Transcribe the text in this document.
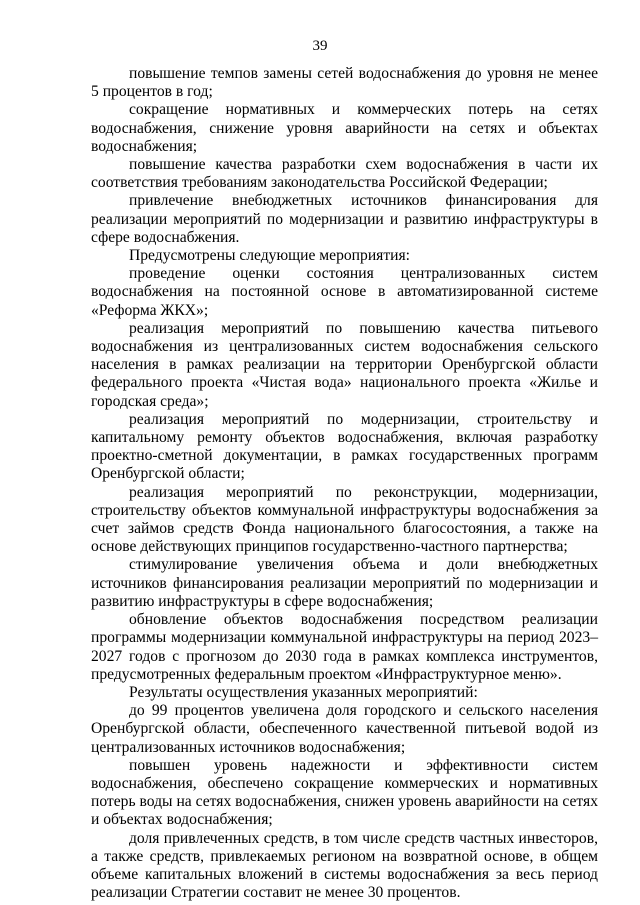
39

повышение темпов замены сетей водоснабжения до уровня не менее 5 процентов в год;

сокращение нормативных и коммерческих потерь на сетях водоснабжения, снижение уровня аварийности на сетях и объектах водоснабжения;

повышение качества разработки схем водоснабжения в части их соответствия требованиям законодательства Российской Федерации;

привлечение внебюджетных источников финансирования для реализации мероприятий по модернизации и развитию инфраструктуры в сфере водоснабжения.

Предусмотрены следующие мероприятия:

проведение оценки состояния централизованных систем водоснабжения на постоянной основе в автоматизированной системе «Реформа ЖКХ»;

реализация мероприятий по повышению качества питьевого водоснабжения из централизованных систем водоснабжения сельского населения в рамках реализации на территории Оренбургской области федерального проекта «Чистая вода» национального проекта «Жилье и городская среда»;

реализация мероприятий по модернизации, строительству и капитальному ремонту объектов водоснабжения, включая разработку проектно-сметной документации, в рамках государственных программ Оренбургской области;

реализация мероприятий по реконструкции, модернизации, строительству объектов коммунальной инфраструктуры водоснабжения за счет займов средств Фонда национального благосостояния, а также на основе действующих принципов государственно-частного партнерства;

стимулирование увеличения объема и доли внебюджетных источников финансирования реализации мероприятий по модернизации и развитию инфраструктуры в сфере водоснабжения;

обновление объектов водоснабжения посредством реализации программы модернизации коммунальной инфраструктуры на период 2023–2027 годов с прогнозом до 2030 года в рамках комплекса инструментов, предусмотренных федеральным проектом «Инфраструктурное меню».

Результаты осуществления указанных мероприятий:

до 99 процентов увеличена доля городского и сельского населения Оренбургской области, обеспеченного качественной питьевой водой из централизованных источников водоснабжения;

повышен уровень надежности и эффективности систем водоснабжения, обеспечено сокращение коммерческих и нормативных потерь воды на сетях водоснабжения, снижен уровень аварийности на сетях и объектах водоснабжения;

доля привлеченных средств, в том числе средств частных инвесторов, а также средств, привлекаемых регионом на возвратной основе, в общем объеме капитальных вложений в системы водоснабжения за весь период реализации Стратегии составит не менее 30 процентов.
